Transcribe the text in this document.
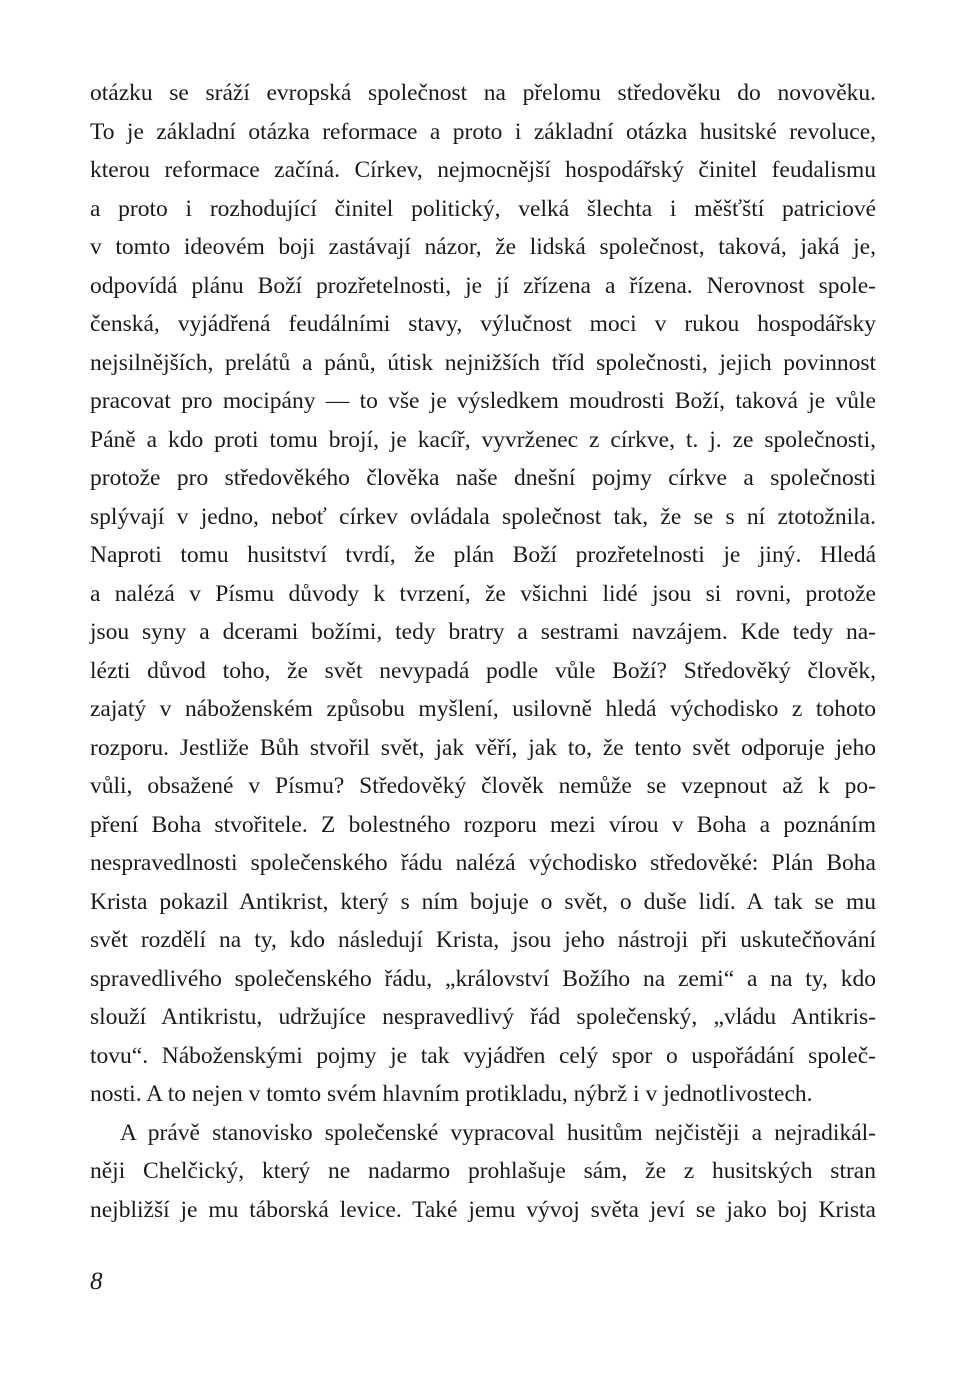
otázku se sráží evropská společnost na přelomu středověku do novověku.
To je základní otázka reformace a proto i základní otázka husitské revoluce,
kterou reformace začíná. Církev, nejmocnější hospodářský činitel feudalismu
a proto i rozhodující činitel politický, velká šlechta i měšťští patriciové
v tomto ideovém boji zastávají názor, že lidská společnost, taková, jaká je,
odpovídá plánu Boží prozřetelnosti, je jí zřízena a řízena. Nerovnost spole-
čenská, vyjádřená feudálními stavy, výlučnost moci v rukou hospodářsky
nejsilnějších, prelátů a pánů, útisk nejnižších tříd společnosti, jejich povinnost
pracovat pro mocipány — to vše je výsledkem moudrosti Boží, taková je vůle
Páně a kdo proti tomu brojí, je kacíř, vyvrženec z církve, t. j. ze společnosti,
protože pro středověkého člověka naše dnešní pojmy církve a společnosti
splývají v jedno, neboť církev ovládala společnost tak, že se s ní ztotožnila.
Naproti tomu husitství tvrdí, že plán Boží prozřetelnosti je jiný. Hledá
a nalézá v Písmu důvody k tvrzení, že všichni lidé jsou si rovni, protože
jsou syny a dcerami božími, tedy bratry a sestrami navzájem. Kde tedy na-
lézti důvod toho, že svět nevypadá podle vůle Boží? Středověký člověk,
zajatý v náboženském způsobu myšlení, usilovně hledá východisko z tohoto
rozporu. Jestliže Bůh stvořil svět, jak věří, jak to, že tento svět odporuje jeho
vůli, obsažené v Písmu? Středověký člověk nemůže se vzepnout až k po-
pření Boha stvořitele. Z bolestného rozporu mezi vírou v Boha a poznáním
nespravedlnosti společenského řádu nalézá východisko středověké: Plán Boha
Krista pokazil Antikrist, který s ním bojuje o svět, o duše lidí. A tak se mu
svět rozdělí na ty, kdo následují Krista, jsou jeho nástroji při uskutečňování
spravedlivého společenského řádu, „království Božího na zemi“ a na ty, kdo
slouží Antikristu, udržujíce nespravedlivý řád společenský, „vládu Antikris-
tovu“. Náboženskými pojmy je tak vyjádřen celý spor o uspořádání společ-
nosti. A to nejen v tomto svém hlavním protikladu, nýbrž i v jednotlivostech.
A právě stanovisko společenské vypracoval husitům nejčistěji a nejradikál-
něji Chelčický, který ne nadarmo prohlašuje sám, že z husitských stran
nejbližší je mu táborská levice. Také jemu vývoj světa jeví se jako boj Krista
8
